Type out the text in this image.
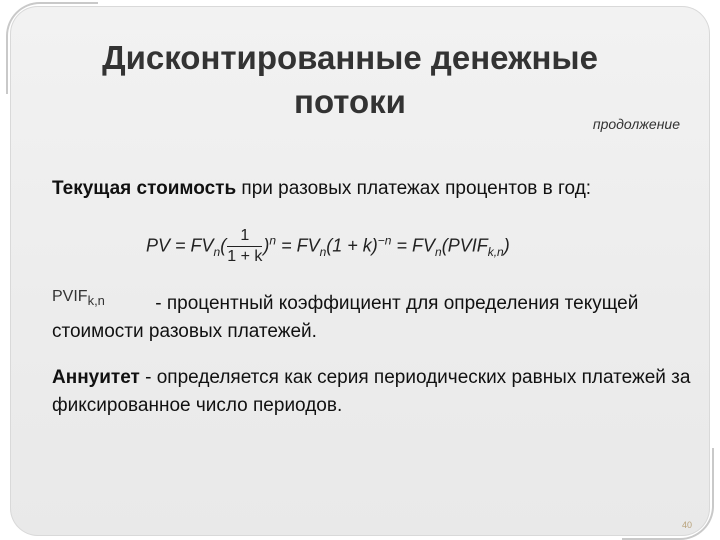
Дисконтированные денежные
потоки
продолжение
Текущая стоимость при разовых платежах процентов в год:
PV = $FV_n( \frac{1}{1 + k} )^n = FV_n(1 + k)^{-n}$ = $FV_n(PVIF_{k,n})$
$PVIF_{k,n}$	- процентный коэффициент для определения текущей стоимости разовых платежей.
Аннуитет - определяется как серия периодических равных платежей за фиксированное число периодов.
40
